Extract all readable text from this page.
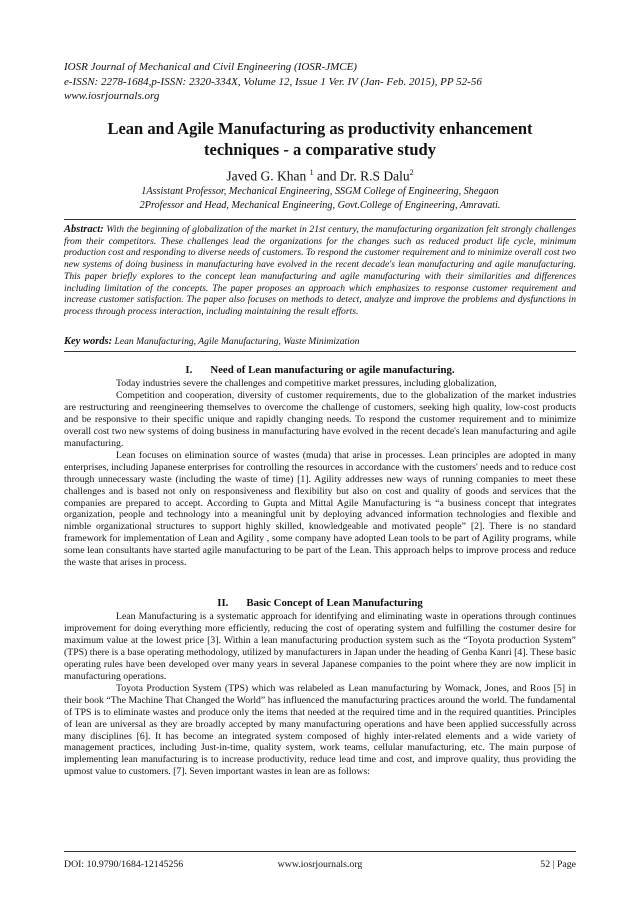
IOSR Journal of Mechanical and Civil Engineering (IOSR-JMCE)
e-ISSN: 2278-1684,p-ISSN: 2320-334X, Volume 12, Issue 1 Ver. IV (Jan- Feb. 2015), PP 52-56
www.iosrjournals.org
Lean and Agile Manufacturing as productivity enhancement
techniques - a comparative study
Javed G. Khan $^1$ and Dr. R.S Dalu$^2$
1Assistant Professor, Mechanical Engineering, SSGM College of Engineering, Shegaon
2Professor and Head, Mechanical Engineering, Govt.College of Engineering, Amravati.
Abstract: With the beginning of globalization of the market in 21st century, the manufacturing organization felt strongly challenges from their competitors. These challenges lead the organizations for the changes such as reduced product life cycle, minimum production cost and responding to diverse needs of customers. To respond the customer requirement and to minimize overall cost two new systems of doing business in manufacturing have evolved in the recent decade's lean manufacturing and agile manufacturing. This paper briefly explores to the concept lean manufacturing and agile manufacturing with their similarities and differences including limitation of the concepts. The paper proposes an approach which emphasizes to response customer requirement and increase customer satisfaction. The paper also focuses on methods to detect, analyze and improve the problems and dysfunctions in process through process interaction, including maintaining the result efforts.
Key words: Lean Manufacturing, Agile Manufacturing, Waste Minimization
I. Need of Lean manufacturing or agile manufacturing.

Today industries severe the challenges and competitive market pressures, including globalization,

Competition and cooperation, diversity of customer requirements, due to the globalization of the market industries are restructuring and reengineering themselves to overcome the challenge of customers, seeking high quality, low-cost products and be responsive to their specific unique and rapidly changing needs. To respond the customer requirement and to minimize overall cost two new systems of doing business in manufacturing have evolved in the recent decade's lean manufacturing and agile manufacturing.

Lean focuses on elimination source of wastes (muda) that arise in processes. Lean principles are adopted in many enterprises, including Japanese enterprises for controlling the resources in accordance with the customers' needs and to reduce cost through unnecessary waste (including the waste of time) [1]. Agility addresses new ways of running companies to meet these challenges and is based not only on responsiveness and flexibility but also on cost and quality of goods and services that the companies are prepared to accept. According to Gupta and Mittal Agile Manufacturing is “a business concept that integrates organization, people and technology into a meaningful unit by deploying advanced information technologies and flexible and nimble organizational structures to support highly skilled, knowledgeable and motivated people” [2]. There is no standard framework for implementation of Lean and Agility , some company have adopted Lean tools to be part of Agility programs, while some lean consultants have started agile manufacturing to be part of the Lean. This approach helps to improve process and reduce the waste that arises in process.

II. Basic Concept of Lean Manufacturing

Lean Manufacturing is a systematic approach for identifying and eliminating waste in operations through continues improvement for doing everything more efficiently, reducing the cost of operating system and fulfilling the costumer desire for maximum value at the lowest price [3]. Within a lean manufacturing production system such as the “Toyota production System” (TPS) there is a base operating methodology, utilized by manufacturers in Japan under the heading of Genba Kanri [4]. These basic operating rules have been developed over many years in several Japanese companies to the point where they are now implicit in manufacturing operations.

Toyota Production System (TPS) which was relabeled as Lean manufacturing by Womack, Jones, and Roos [5] in their book “The Machine That Changed the World” has influenced the manufacturing practices around the world. The fundamental of TPS is to eliminate wastes and produce only the items that needed at the required time and in the required quantities. Principles of lean are universal as they are broadly accepted by many manufacturing operations and have been applied successfully across many disciplines [6]. It has become an integrated system composed of highly inter-related elements and a wide variety of management practices, including Just-in-time, quality system, work teams, cellular manufacturing, etc. The main purpose of implementing lean manufacturing is to increase productivity, reduce lead time and cost, and improve quality, thus providing the upmost value to customers. [7]. Seven important wastes in lean are as follows:

DOI: 10.9790/1684-12145256	www.iosrjournals.org	52 | Page
